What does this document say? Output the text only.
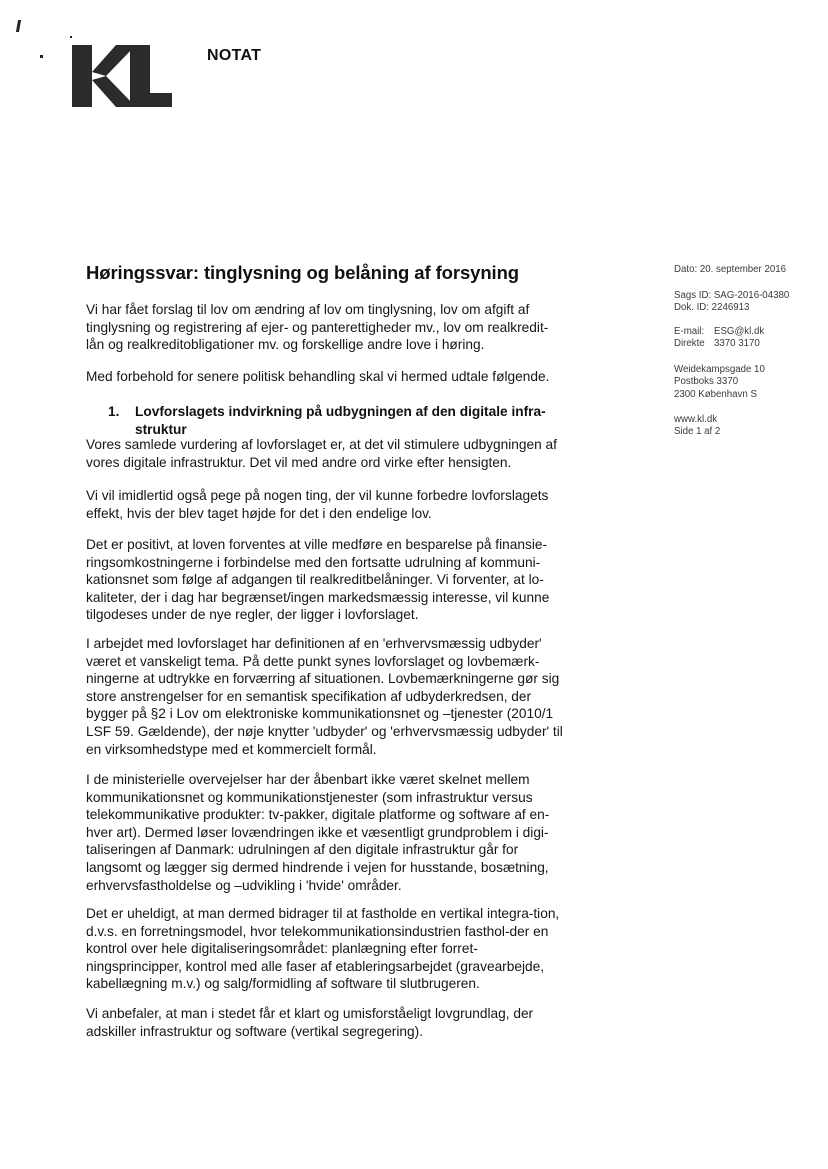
NOTAT
Høringssvar: tinglysning og belåning af forsyning	Dato: 20. september 2016
Sags ID: SAG-2016-04380
Dok. ID: 2246913
E-mail: ESG@kl.dk
Direkte 3370 3170
Weidekampsgade 10
Postboks 3370
2300 København S
www.kl.dk
Side 1 af 2

Vi har fået forslag til lov om ændring af lov om tinglysning, lov om afgift af tinglysning og registrering af ejer- og panterettigheder mv., lov om realkredit-lån og realkreditobligationer mv. og forskellige andre love i høring.

Med forbehold for senere politisk behandling skal vi hermed udtale følgende.

1. Lovforslagets indvirkning på udbygningen af den digitale infra-struktur

Vores samlede vurdering af lovforslaget er, at det vil stimulere udbygningen af vores digitale infrastruktur. Det vil med andre ord virke efter hensigten.

Vi vil imidlertid også pege på nogen ting, der vil kunne forbedre lovforslagets effekt, hvis der blev taget højde for det i den endelige lov.

Det er positivt, at loven forventes at ville medføre en besparelse på finansie-ringsomkostningerne i forbindelse med den fortsatte udrulning af kommuni-kationsnet som følge af adgangen til realkreditbelåninger. Vi forventer, at lo-kaliteter, der i dag har begrænset/ingen markedsmæssig interesse, vil kunne tilgodeses under de nye regler, der ligger i lovforslaget.

I arbejdet med lovforslaget har definitionen af en 'erhvervsmæssig udbyder' været et vanskeligt tema. På dette punkt synes lovforslaget og lovbemærk-ningerne at udtrykke en forværring af situationen. Lovbemærkningerne gør sig store anstrengelser for en semantisk specifikation af udbyderkredsen, der bygger på §2 i Lov om elektroniske kommunikationsnet og –tjenester (2010/1 LSF 59. Gældende), der nøje knytter 'udbyder' og 'erhvervsmæssig udbyder' til en virksomhedstype med et kommercielt formål.

I de ministerielle overvejelser har der åbenbart ikke været skelnet mellem kommunikationsnet og kommunikationstjenester (som infrastruktur versus telekommunikative produkter: tv-pakker, digitale platforme og software af en-hver art). Dermed løser lovændringen ikke et væsentligt grundproblem i digi-taliseringen af Danmark: udrulningen af den digitale infrastruktur går for langsomt og lægger sig dermed hindrende i vejen for husstande, bosætning, erhvervsfastholdelse og –udvikling i 'hvide' områder.

Det er uheldigt, at man dermed bidrager til at fastholde en vertikal integra-tion, d.v.s. en forretningsmodel, hvor telekommunikationsindustrien fasthol-der en kontrol over hele digitaliseringsområdet: planlægning efter forret-ningsprincipper, kontrol med alle faser af etableringsarbejdet (gravearbejde, kabellægning m.v.) og salg/formidling af software til slutbrugeren.

Vi anbefaler, at man i stedet får et klart og umisforståeligt lovgrundlag, der adskiller infrastruktur og software (vertikal segregering).
